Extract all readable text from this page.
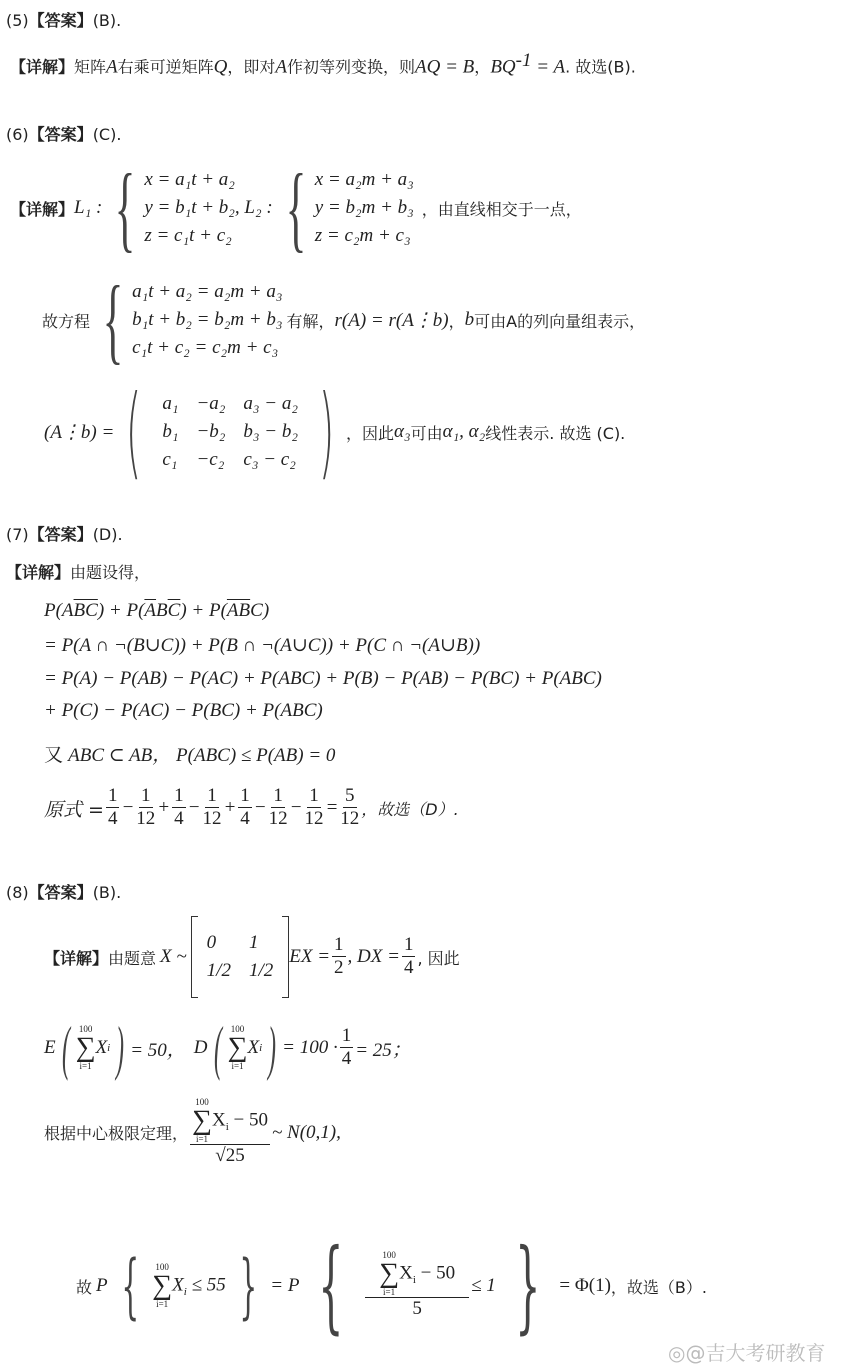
(5)【答案】(B).
【详解】矩阵A右乘可逆矩阵Q，即对A作初等列变换，则AQ = B，$BQ^{-1} = A$. 故选(B).
(6)【答案】(C).
【详解】 L₁ : { x = a₁t + a₂
y = b₁t + b₂
z = c₁t + c₂
, L₂ : { x = a₂m + a₃
y = b₂m + b₃
z = c₂m + c₃
，由直线相交于一点，
故方程 { a₁t + a₂ = a₂m + a₃
b₁t + b₂ = b₂m + b₃
c₁t + c₂ = c₂m + c₃
有解， r(A) = r(A⋮b) ， b 可由A的列向量组表示，
(A⋮b) = ( a₁	−a₂	a₃ − a₂
b₁	−b₂	b₃ − b₂
c₁	−c₂	c₃ − c₂ ) ，因此 α₃ 可由 α₁, α₂ 线性表示. 故选 (C).
(7)【答案】(D).
【详解】由题设得，
$P(A\overline{BC}) + P(\overline{A}B\overline{C}) + P(\overline{AB}C)$
= P(A ∩ ¬(B∪C)) + P(B ∩ ¬(A∪C)) + P(C ∩ ¬(A∪B))
= P(A) − P(AB) − P(AC) + P(ABC) + P(B) − P(AB) − P(BC) + P(ABC)
+ P(C) − P(AC) − P(BC) + P(ABC)
又 ABC ⊂ AB， P(ABC) ≤ P(AB) = 0
原式 = $\frac{1}{4} - \frac{1}{12} + \frac{1}{4} - \frac{1}{12} + \frac{1}{4} - \frac{1}{12} - \frac{1}{12} = \frac{5}{12}$ ，故选（D）.
(8)【答案】(B).
【详解】 由题意 X ~
0	1
1/2	1/2
EX = $\frac{1}{2}$ , DX = $\frac{1}{4}$ , 因此
E ( 100
∑
i=1
X i ) = 50， D ( 100
∑
i=1
X i ) = $100 \cdot \frac{1}{4} = 25$；
根据中心极限定理， 100
∑
i=1
$X_i - 50$
√25 ~ N(0,1),
故 P { 100
∑
i=1
$X_i \le 55$ } = P { 100
∑
i=1
$X_i - 50$
5 ≤ 1 } = Φ(1) ，故选（B）.
◎@吉大考研教育
